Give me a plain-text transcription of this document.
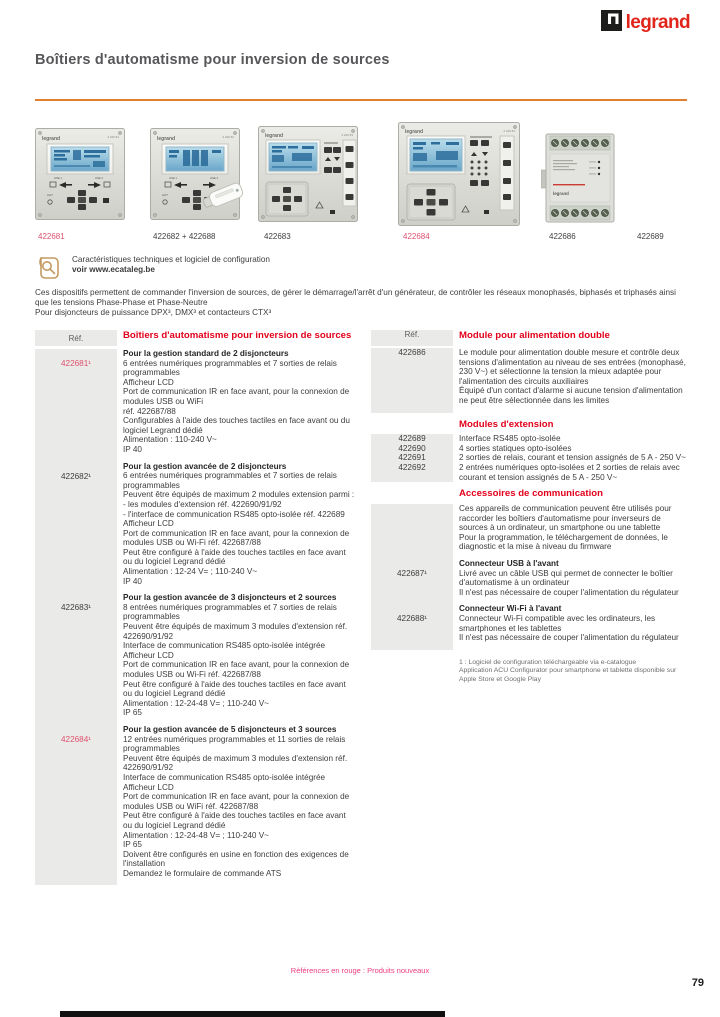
legrand
Boîtiers d'automatisme pour inversion de sources
legrand	4 226 81
LINE 1	LINE 2
AUT
legrand	4 226 82
LINE 1	LINE 2
AUT
legrand	4 226 83	legrand	4 226 84
legrand
422681	422682 + 422688	422683	422684	422686	422689
Caractéristiques techniques et logiciel de configuration
voir www.ecataleg.be

Ces dispositifs permettent de commander l'inversion de sources, de gérer le démarrage/l'arrêt d'un générateur, de contrôler les réseaux monophasés, biphasés et triphasés ainsi que les tensions Phase-Phase et Phase-Neutre

Pour disjoncteurs de puissance DPX³, DMX³ et contacteurs CTX³

Réf.	Boîtiers d'automatisme pour inversion de sources
422681¹
Pour la gestion standard de 2 disjoncteurs
6 entrées numériques programmables et 7 sorties de relais programmables
Afficheur LCD
Port de communication IR en face avant, pour la connexion de modules USB ou WiFi
réf. 422687/88
Configurables à l'aide des touches tactiles en face avant ou du logiciel Legrand dédié
Alimentation : 110-240 V~
IP 40
422682¹
Pour la gestion avancée de 2 disjoncteurs
6 entrées numériques programmables et 7 sorties de relais programmables
Peuvent être équipés de maximum 2 modules extension parmi :
- les modules d'extension réf. 422690/91/92
- l'interface de communication RS485 opto-isolée réf. 422689
Afficheur LCD
Port de communication IR en face avant, pour la connexion de modules USB ou Wi-Fi réf. 422687/88
Peut être configuré à l'aide des touches tactiles en face avant ou du logiciel Legrand dédié
Alimentation : 12-24 V= ; 110-240 V~
IP 40
422683¹
Pour la gestion avancée de 3 disjoncteurs et 2 sources
8 entrées numériques programmables et 7 sorties de relais programmables
Peuvent être équipés de maximum 3 modules d'extension réf. 422690/91/92
Interface de communication RS485 opto-isolée intégrée
Afficheur LCD
Port de communication IR en face avant, pour la connexion de modules USB ou Wi-Fi réf. 422687/88
Peut être configuré à l'aide des touches tactiles en face avant ou du logiciel Legrand dédié
Alimentation : 12-24-48 V= ; 110-240 V~
IP 65
422684¹
Pour la gestion avancée de 5 disjoncteurs et 3 sources
12 entrées numériques programmables et 11 sorties de relais programmables
Peuvent être équipés de maximum 3 modules d'extension réf. 422690/91/92
Interface de communication RS485 opto-isolée intégrée
Afficheur LCD
Port de communication IR en face avant, pour la connexion de modules USB ou WiFi réf. 422687/88
Peut être configuré à l'aide des touches tactiles en face avant ou du logiciel Legrand dédié
Alimentation : 12-24-48 V= ; 110-240 V~
IP 65
Doivent être configurés en usine en fonction des exigences de l'installation
Demandez le formulaire de commande ATS
Réf.	Module pour alimentation double
422686	Le module pour alimentation double mesure et contrôle deux tensions d'alimentation au niveau de ses entrées (monophasé, 230 V~) et sélectionne la tension la mieux adaptée pour l'alimentation des circuits auxiliaires
Équipé d'un contact d'alarme si aucune tension d'alimentation ne peut être sélectionnée dans les limites
Modules d'extension
422689	Interface RS485 opto-isolée
422690	4 sorties statiques opto-isolées
422691	2 sorties de relais, courant et tension assignés de 5 A - 250 V~
422692	2 entrées numériques opto-isolées et 2 sorties de relais avec courant et tension assignés de 5 A - 250 V~
Accessoires de communication
Ces appareils de communication peuvent être utilisés pour raccorder les boîtiers d'automatisme pour inverseurs de sources à un ordinateur, un smartphone ou une tablette
Pour la programmation, le téléchargement de données, le diagnostic et la mise à niveau du firmware
422687¹
Connecteur USB à l'avant
Livré avec un câble USB qui permet de connecter le boîtier d'automatisme à un ordinateur
Il n'est pas nécessaire de couper l'alimentation du régulateur
422688¹
Connecteur Wi-Fi à l'avant
Connecteur Wi-Fi compatible avec les ordinateurs, les smartphones et les tablettes
Il n'est pas nécessaire de couper l'alimentation du régulateur
1 : Logiciel de configuration téléchargeable via e-catalogue
Application ACU Configurator pour smartphone et tablette disponible sur Apple Store et Google Play
Références en rouge : Produits nouveaux
79
